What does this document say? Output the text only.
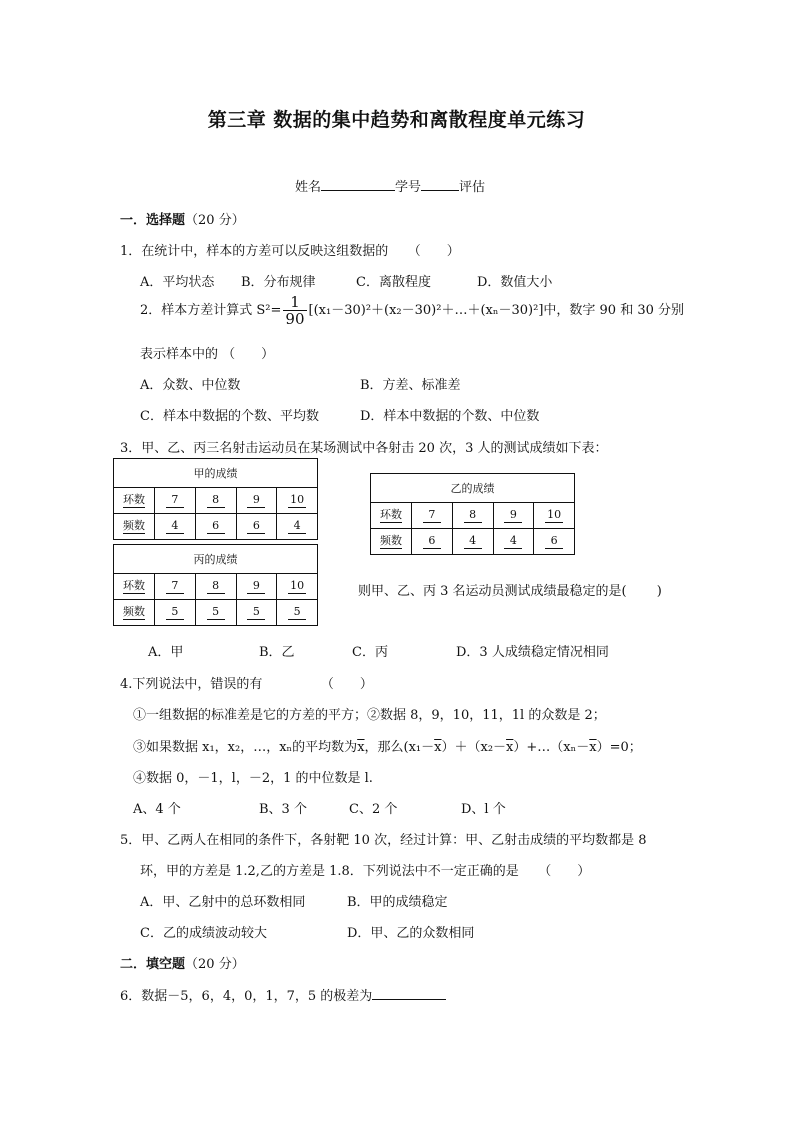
第三章 数据的集中趋势和离散程度单元练习
姓名	学号	评估
一．选择题（20 分）
1．在统计中，样本的方差可以反映这组数据的　　（　　）
A．平均状态 B．分布规律	C．离散程度	D．数值大小
2．样本方差计算式 $S^2= \frac{1}{90}$ [(x₁－30)²＋(x₂－30)²＋…＋(xₙ－30)²]中，数字 90 和 30 分别
表示样本中的 （　　）
A．众数、中位数	B．方差、标准差
C．样本中数据的个数、平均数	D．样本中数据的个数、中位数
3．甲、乙、丙三名射击运动员在某场测试中各射击 20 次，3 人的测试成绩如下表：
甲的成绩				
环数	7	8	9	10
频数	4	6	6	4
乙的成绩				
环数	7	8	9	10
频数	6	4	4	6
丙的成绩				
环数	7	8	9	10
频数	5	5	5	5
则甲、乙、丙 3 名运动员测试成绩最稳定的是(　　 )
A．甲	B．乙	C．丙	D．3 人成绩稳定情况相同
4.下列说法中，错误的有　　　　　（　　）
①一组数据的标准差是它的方差的平方；②数据 8，9，10，11，1l 的众数是 2；
③如果数据 x₁，x₂，…，xₙ的平均数为$\overline{x}$，那么$(x_1-\overline{x})+(x_2-\overline{x})+\dots(x_n-\overline{x})=0$；
④数据 0，－1，l，－2，1 的中位数是 l.
A、4 个	B、3 个	C、2 个	D、l 个
5．甲、乙两人在相同的条件下，各射靶 10 次，经过计算：甲、乙射击成绩的平均数都是 8
环，甲的方差是 1.2,乙的方差是 1.8．下列说法中不一定正确的是　　（　　）
A．甲、乙射中的总环数相同	B．甲的成绩稳定
C．乙的成绩波动较大	D．甲、乙的众数相同
二．填空题（20 分）
6．数据－5，6，4，0，1，7，5 的极差为
